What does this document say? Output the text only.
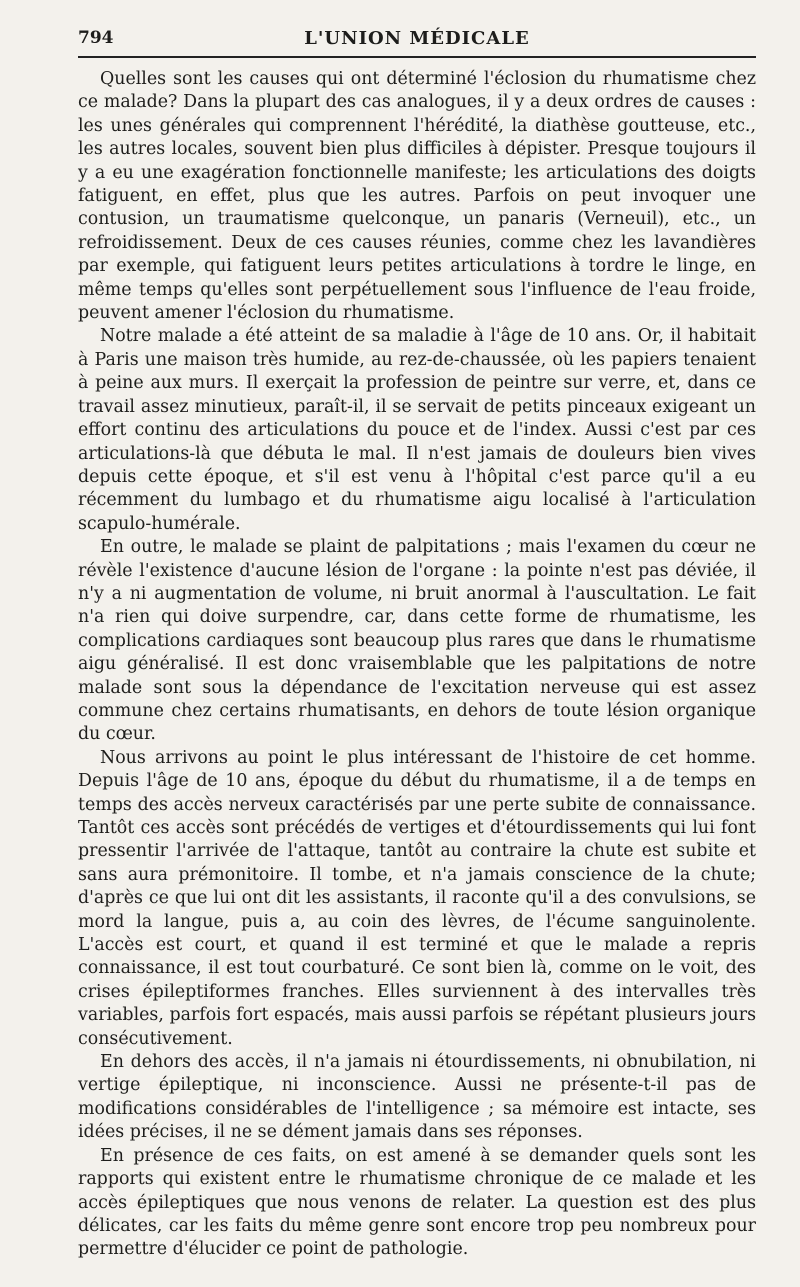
794	L'UNION MÉDICALE

Quelles sont les causes qui ont déterminé l'éclosion du rhumatisme chez ce malade? Dans la plupart des cas analogues, il y a deux ordres de causes : les unes générales qui comprennent l'hérédité, la diathèse goutteuse, etc., les autres locales, souvent bien plus difficiles à dépister. Presque toujours il y a eu une exagération fonctionnelle manifeste; les articulations des doigts fatiguent, en effet, plus que les autres. Parfois on peut invoquer une contusion, un traumatisme quelconque, un panaris (Verneuil), etc., un refroidissement. Deux de ces causes réunies, comme chez les lavandières par exemple, qui fatiguent leurs petites articulations à tordre le linge, en même temps qu'elles sont perpétuellement sous l'influence de l'eau froide, peuvent amener l'éclosion du rhumatisme.

Notre malade a été atteint de sa maladie à l'âge de 10 ans. Or, il habitait à Paris une maison très humide, au rez-de-chaussée, où les papiers tenaient à peine aux murs. Il exerçait la profession de peintre sur verre, et, dans ce travail assez minutieux, paraît-il, il se servait de petits pinceaux exigeant un effort continu des articulations du pouce et de l'index. Aussi c'est par ces articulations-là que débuta le mal. Il n'est jamais de douleurs bien vives depuis cette époque, et s'il est venu à l'hôpital c'est parce qu'il a eu récemment du lumbago et du rhumatisme aigu localisé à l'articulation scapulo-humérale.

En outre, le malade se plaint de palpitations ; mais l'examen du cœur ne révèle l'existence d'aucune lésion de l'organe : la pointe n'est pas déviée, il n'y a ni augmentation de volume, ni bruit anormal à l'auscultation. Le fait n'a rien qui doive surpendre, car, dans cette forme de rhumatisme, les complications cardiaques sont beaucoup plus rares que dans le rhumatisme aigu généralisé. Il est donc vraisemblable que les palpitations de notre malade sont sous la dépendance de l'excitation nerveuse qui est assez commune chez certains rhumatisants, en dehors de toute lésion organique du cœur.

Nous arrivons au point le plus intéressant de l'histoire de cet homme. Depuis l'âge de 10 ans, époque du début du rhumatisme, il a de temps en temps des accès nerveux caractérisés par une perte subite de connaissance. Tantôt ces accès sont précédés de vertiges et d'étourdissements qui lui font pressentir l'arrivée de l'attaque, tantôt au contraire la chute est subite et sans aura prémonitoire. Il tombe, et n'a jamais conscience de la chute; d'après ce que lui ont dit les assistants, il raconte qu'il a des convulsions, se mord la langue, puis a, au coin des lèvres, de l'écume sanguinolente. L'accès est court, et quand il est terminé et que le malade a repris connaissance, il est tout courbaturé. Ce sont bien là, comme on le voit, des crises épileptiformes franches. Elles surviennent à des intervalles très variables, parfois fort espacés, mais aussi parfois se répétant plusieurs jours consécutivement.

En dehors des accès, il n'a jamais ni étourdissements, ni obnubilation, ni vertige épileptique, ni inconscience. Aussi ne présente-t-il pas de modifications considérables de l'intelligence ; sa mémoire est intacte, ses idées précises, il ne se dément jamais dans ses réponses.

En présence de ces faits, on est amené à se demander quels sont les rapports qui existent entre le rhumatisme chronique de ce malade et les accès épileptiques que nous venons de relater. La question est des plus délicates, car les faits du même genre sont encore trop peu nombreux pour permettre d'élucider ce point de pathologie.
